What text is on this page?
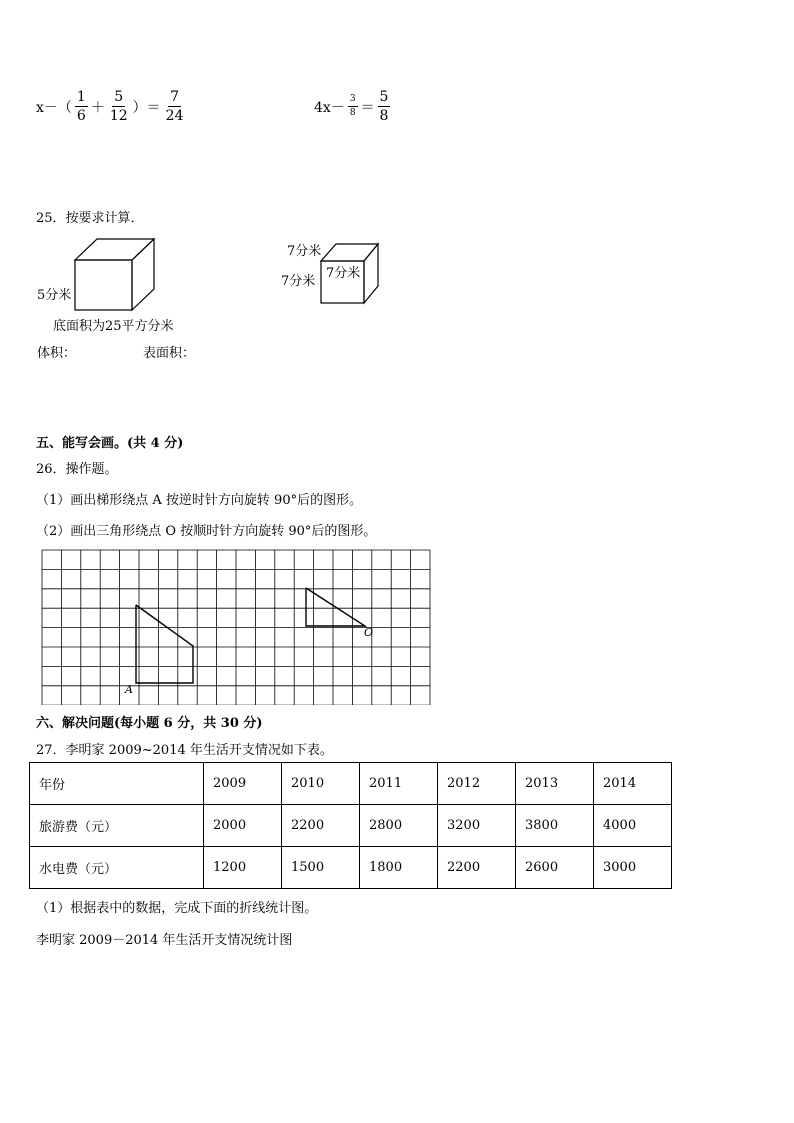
$x-( \frac{1}{6} + \frac{5}{12}$ ）＝ $\frac{7}{24}$	$4x- \frac{3}{8} = \frac{5}{8}$
25．按要求计算．
5分米
底面积为25平方分米
7分米
7分米
7分米
体积：	表面积：
五、能写会画。(共 4 分)
26．操作题。
（1）画出梯形绕点 A 按逆时针方向旋转 90°后的图形。
（2）画出三角形绕点 O 按顺时针方向旋转 90°后的图形。
A
O
六、解决问题(每小题 6 分，共 30 分)
27．李明家 2009~2014 年生活开支情况如下表。
年份	2009	2010	2011	2012	2013	2014
旅游费（元）	2000	2200	2800	3200	3800	4000
水电费（元）	1200	1500	1800	2200	2600	3000
（1）根据表中的数据，完成下面的折线统计图。
李明家 2009－2014 年生活开支情况统计图
